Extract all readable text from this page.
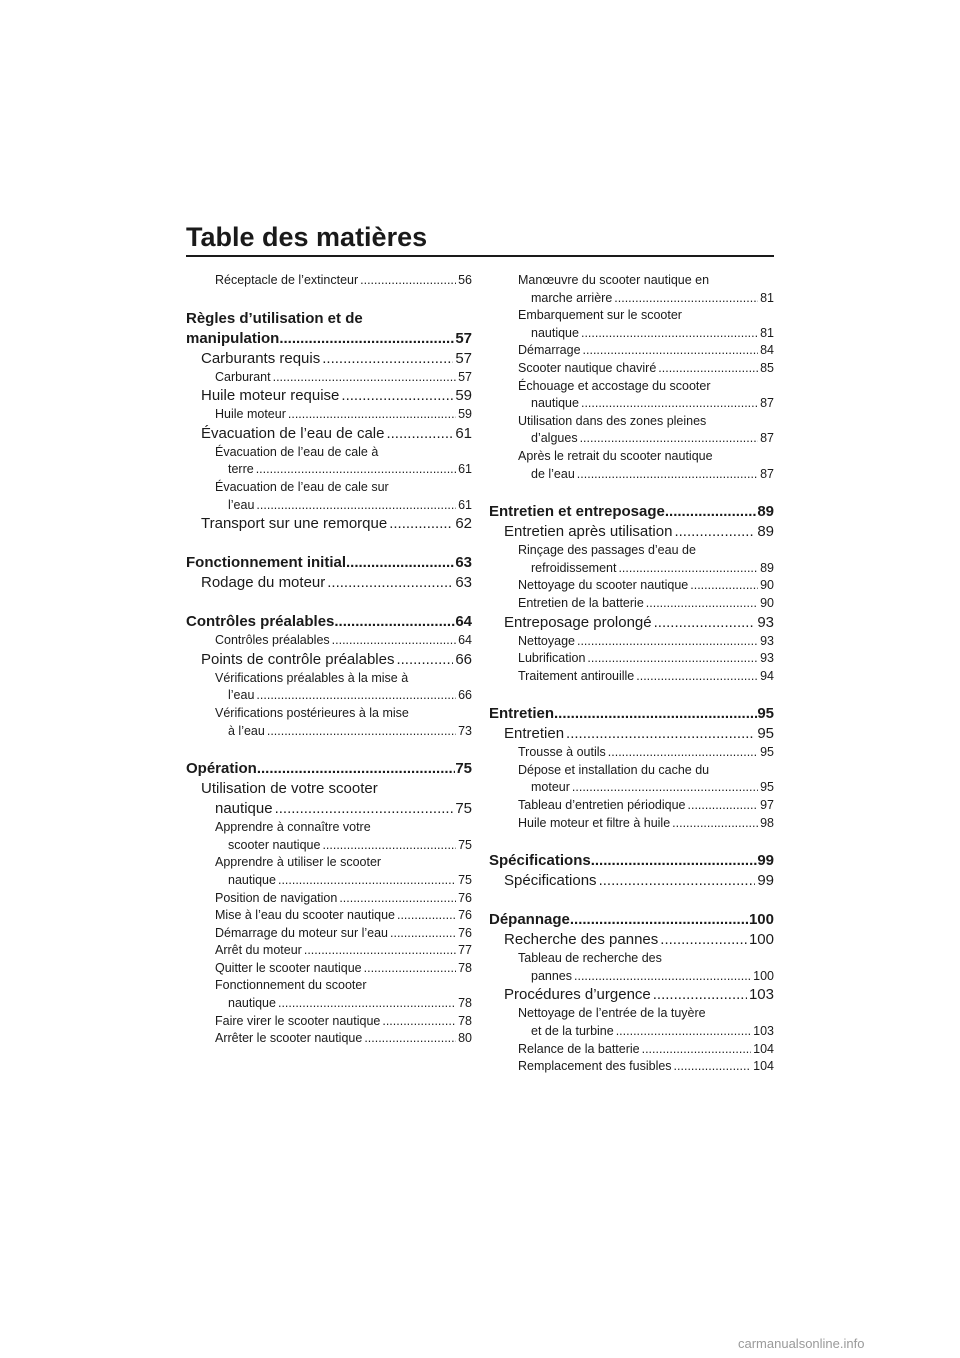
Table des matières
Réceptacle de l’extincteur .....	56
Règles d’utilisation et de
manipulation .....	57
Carburants requis .....	57
Carburant .....	57
Huile moteur requise .....	59
Huile moteur .....	59
Évacuation de l’eau de cale .....	61
Évacuation de l’eau de cale à
terre .....	61
Évacuation de l’eau de cale sur
l’eau .....	61
Transport sur une remorque .....	62
Fonctionnement initial .....	63
Rodage du moteur .....	63
Contrôles préalables .....	64
Contrôles préalables .....	64
Points de contrôle préalables .....	66
Vérifications préalables à la mise à
l’eau .....	66
Vérifications postérieures à la mise
à l’eau .....	73
Opération .....	75
Utilisation de votre scooter
nautique .....	75
Apprendre à connaître votre
scooter nautique .....	75
Apprendre à utiliser le scooter
nautique .....	75
Position de navigation .....	76
Mise à l’eau du scooter nautique .....	76
Démarrage du moteur sur l’eau .....	76
Arrêt du moteur .....	77
Quitter le scooter nautique .....	78
Fonctionnement du scooter
nautique .....	78
Faire virer le scooter nautique .....	78
Arrêter le scooter nautique .....	80
Manœuvre du scooter nautique en
marche arrière .....	81
Embarquement sur le scooter
nautique .....	81
Démarrage .....	84
Scooter nautique chaviré .....	85
Échouage et accostage du scooter
nautique .....	87
Utilisation dans des zones pleines
d’algues .....	87
Après le retrait du scooter nautique
de l’eau .....	87
Entretien et entreposage .....	89
Entretien après utilisation .....	89
Rinçage des passages d’eau de
refroidissement .....	89
Nettoyage du scooter nautique .....	90
Entretien de la batterie .....	90
Entreposage prolongé .....	93
Nettoyage .....	93
Lubrification .....	93
Traitement antirouille .....	94
Entretien .....	95
Entretien .....	95
Trousse à outils .....	95
Dépose et installation du cache du
moteur .....	95
Tableau d’entretien périodique .....	97
Huile moteur et filtre à huile .....	98
Spécifications .....	99
Spécifications .....	99
Dépannage .....	100
Recherche des pannes .....	100
Tableau de recherche des
pannes .....	100
Procédures d’urgence .....	103
Nettoyage de l’entrée de la tuyère
et de la turbine .....	103
Relance de la batterie .....	104
Remplacement des fusibles .....	104
carmanualsonline.info
